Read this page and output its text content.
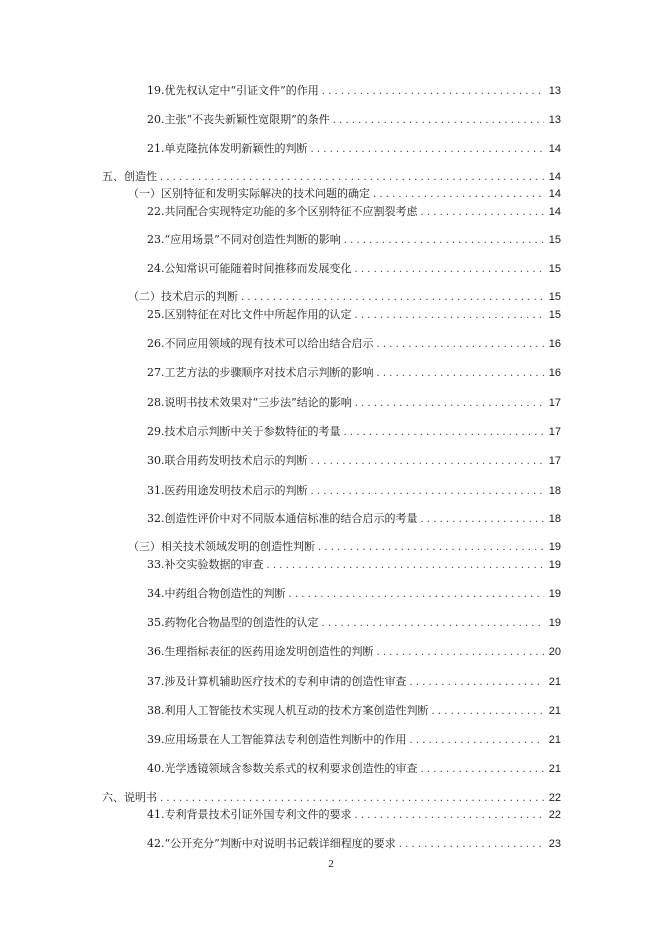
19. 优先权认定中“引证文件”的作用 . . .	13
20. 主张“不丧失新颖性宽限期”的条件 . . .	13
21. 单克隆抗体发明新颖性的判断 . . .	14
五、创造性 . . .	14
（一）区别特征和发明实际解决的技术问题的确定 . . .	14
22. 共同配合实现特定功能的多个区别特征不应割裂考虑 . . .	14
23. “应用场景”不同对创造性判断的影响 . . .	15
24. 公知常识可能随着时间推移而发展变化 . . .	15
（二）技术启示的判断 . . .	15
25. 区别特征在对比文件中所起作用的认定 . . .	15
26. 不同应用领域的现有技术可以给出结合启示 . . .	16
27. 工艺方法的步骤顺序对技术启示判断的影响 . . .	16
28. 说明书技术效果对“三步法”结论的影响 . . .	17
29. 技术启示判断中关于参数特征的考量 . . .	17
30. 联合用药发明技术启示的判断 . . .	17
31. 医药用途发明技术启示的判断 . . .	18
32. 创造性评价中对不同版本通信标准的结合启示的考量 . . .	18
（三）相关技术领域发明的创造性判断 . . .	19
33. 补交实验数据的审查 . . .	19
34. 中药组合物创造性的判断 . . .	19
35. 药物化合物晶型的创造性的认定 . . .	19
36. 生理指标表征的医药用途发明创造性的判断 . . .	20
37. 涉及计算机辅助医疗技术的专利申请的创造性审查 . . .	21
38. 利用人工智能技术实现人机互动的技术方案创造性判断 . . .	21
39. 应用场景在人工智能算法专利创造性判断中的作用 . . .	21
40. 光学透镜领域含参数关系式的权利要求创造性的审查 . . .	21
六、说明书 . . .	22
41. 专利背景技术引证外国专利文件的要求 . . .	22
42. “公开充分”判断中对说明书记载详细程度的要求 . . .	23
2
